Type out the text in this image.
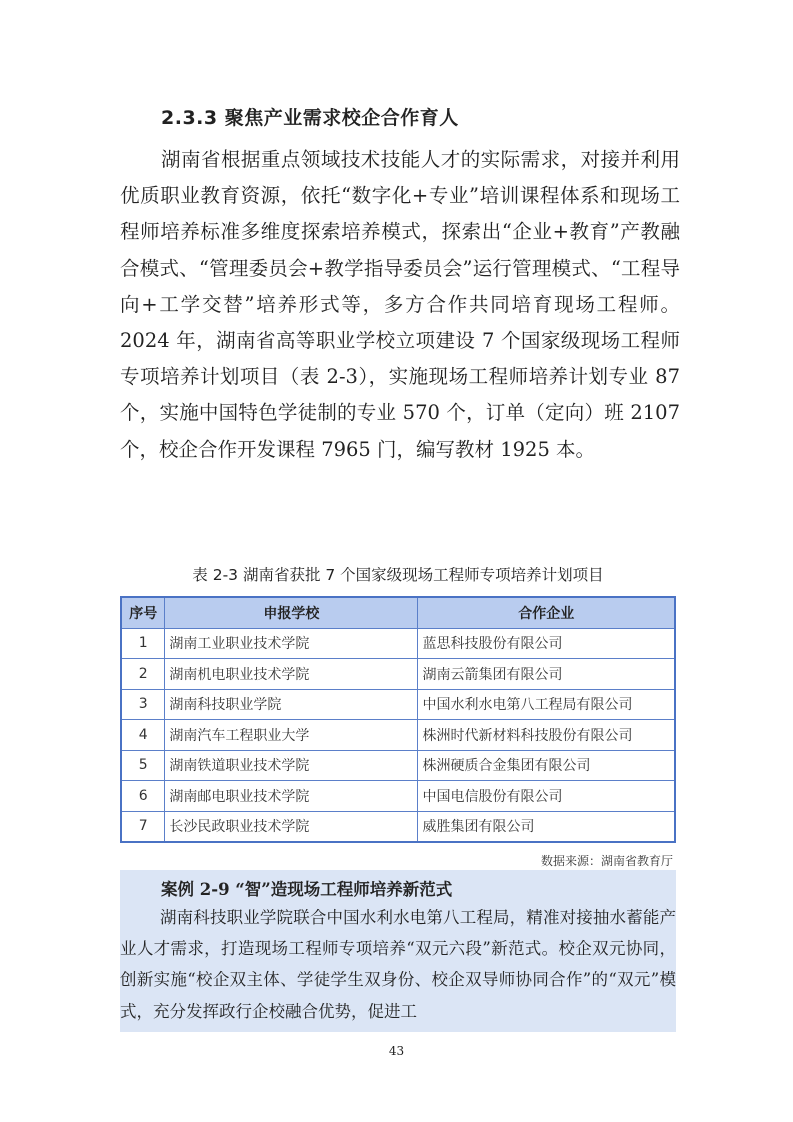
2.3.3 聚焦产业需求校企合作育人

湖南省根据重点领域技术技能人才的实际需求，对接并利用优质职业教育资源，依托“数字化+专业”培训课程体系和现场工程师培养标准多维度探索培养模式，探索出“企业+教育”产教融合模式、“管理委员会+教学指导委员会”运行管理模式、“工程导向+工学交替”培养形式等，多方合作共同培育现场工程师。2024 年，湖南省高等职业学校立项建设 7 个国家级现场工程师专项培养计划项目（表 2-3），实施现场工程师培养计划专业 87 个，实施中国特色学徒制的专业 570 个，订单（定向）班 2107 个，校企合作开发课程 7965 门，编写教材 1925 本。

表 2-3 湖南省获批 7 个国家级现场工程师专项培养计划项目
序号	申报学校	合作企业
1	湖南工业职业技术学院	蓝思科技股份有限公司
2	湖南机电职业技术学院	湖南云箭集团有限公司
3	湖南科技职业学院	中国水利水电第八工程局有限公司
4	湖南汽车工程职业大学	株洲时代新材料科技股份有限公司
5	湖南铁道职业技术学院	株洲硬质合金集团有限公司
6	湖南邮电职业技术学院	中国电信股份有限公司
7	长沙民政职业技术学院	威胜集团有限公司
数据来源：湖南省教育厅
案例 2-9 “智”造现场工程师培养新范式

湖南科技职业学院联合中国水利水电第八工程局，精准对接抽水蓄能产业人才需求，打造现场工程师专项培养“双元六段”新范式。校企双元协同，创新实施“校企双主体、学徒学生双身份、校企双导师协同合作”的“双元”模式，充分发挥政行企校融合优势，促进工

43
